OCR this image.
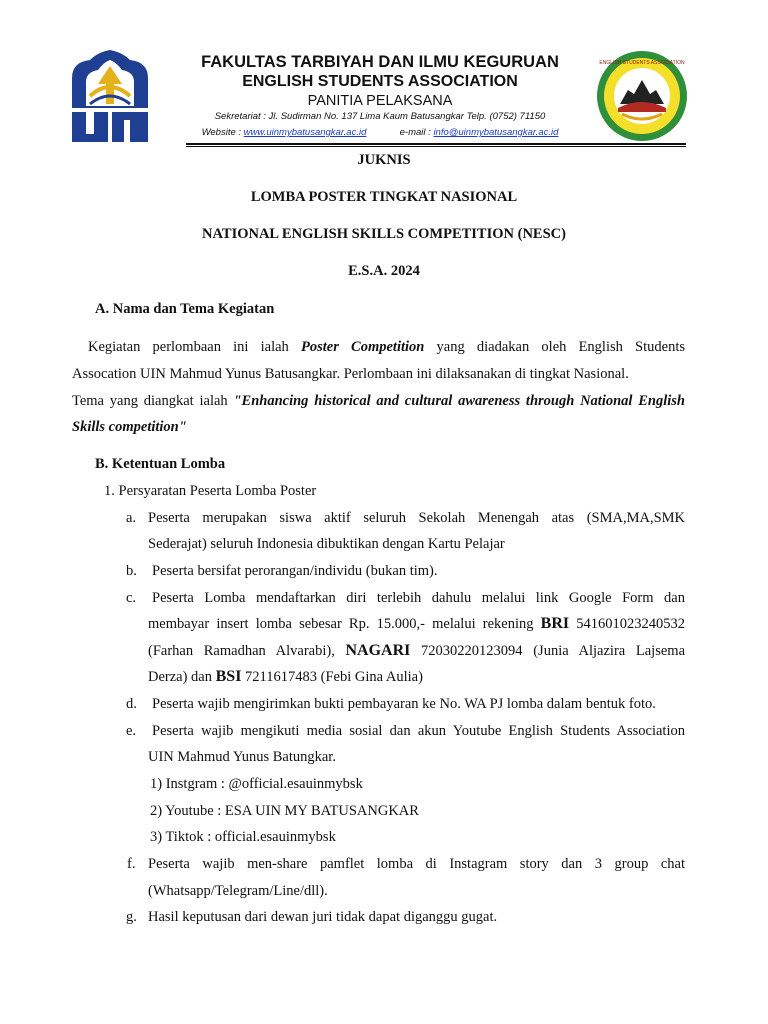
ENGLISH STUDENTS ASSOCIATION
FAKULTAS TARBIYAH DAN ILMU KEGURUAN
ENGLISH STUDENTS ASSOCIATION
PANITIA PELAKSANA
Sekretariat : Jl. Sudirman No. 137 Lima Kaum Batusangkar Telp. (0752) 71150
Website : www.uinmybatusangkar.ac.id	e-mail : info@uinmybatusangkar.ac.id
JUKNIS
LOMBA POSTER TINGKAT NASIONAL
NATIONAL ENGLISH SKILLS COMPETITION (NESC)
E.S.A. 2024
A. Nama dan Tema Kegiatan
Kegiatan perlombaan ini ialah Poster Competition yang diadakan oleh English Students
Assocation UIN Mahmud Yunus Batusangkar. Perlombaan ini dilaksanakan di tingkat Nasional.
Tema yang diangkat ialah "Enhancing historical and cultural awareness through National English
Skills competition"
B. Ketentuan Lomba
1. Persyaratan Peserta Lomba Poster
a. Peserta merupakan siswa aktif seluruh Sekolah Menengah atas (SMA,MA,SMK
Sederajat) seluruh Indonesia dibuktikan dengan Kartu Pelajar
b. Peserta bersifat perorangan/individu (bukan tim).
c. Peserta Lomba mendaftarkan diri terlebih dahulu melalui link Google Form dan
membayar insert lomba sebesar Rp. 15.000,- melalui rekening BRI 541601023240532
(Farhan Ramadhan Alvarabi), NAGARI 72030220123094 (Junia Aljazira Lajsema
Derza) dan BSI 7211617483 (Febi Gina Aulia)
d. Peserta wajib mengirimkan bukti pembayaran ke No. WA PJ lomba dalam bentuk foto.
e. Peserta wajib mengikuti media sosial dan akun Youtube English Students Association
UIN Mahmud Yunus Batungkar.
1) Instgram : @official.esauinmybsk
2) Youtube : ESA UIN MY BATUSANGKAR
3) Tiktok : official.esauinmybsk
f. Peserta wajib men-share pamflet lomba di Instagram story dan 3 group chat
(Whatsapp/Telegram/Line/dll).
g. Hasil keputusan dari dewan juri tidak dapat diganggu gugat.
